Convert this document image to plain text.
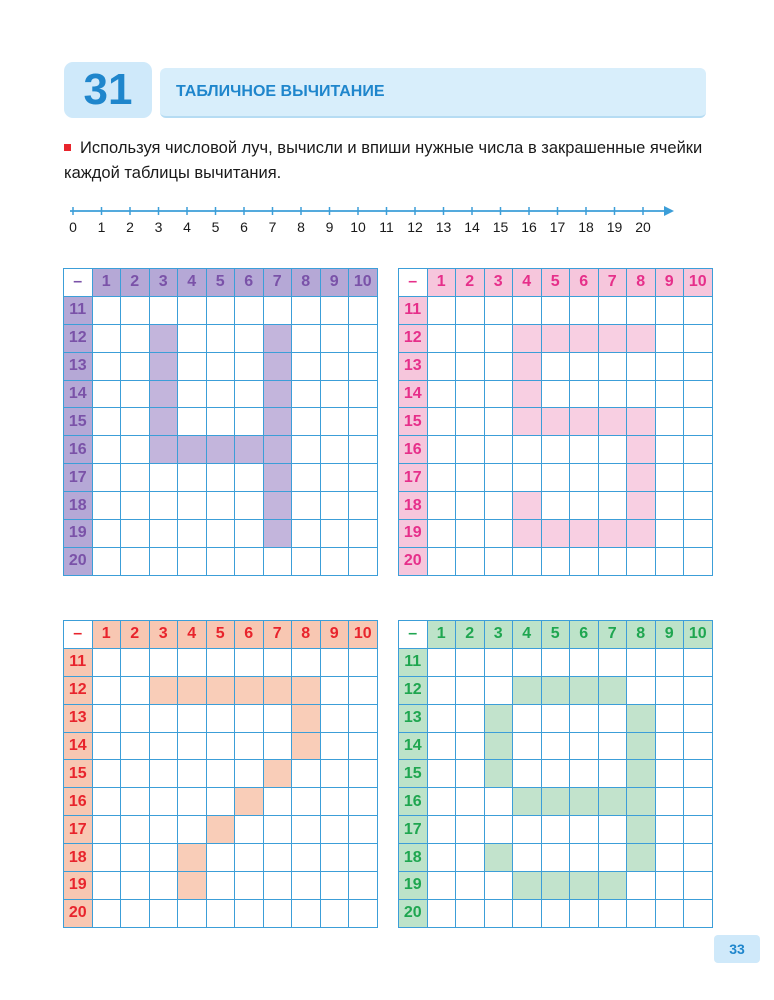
31	ТАБЛИЧНОЕ ВЫЧИТАНИЕ
Используя числовой луч, вычисли и впиши нужные числа в закрашенные ячейки каждой таблицы вычитания.
0 1 2 3 4 5 6 7 8 9 10 11 12 13 14 15 16 17 18 19 20
–	1	2	3	4	5	6	7	8	9	10
11										
12										
13										
14										
15										
16										
17										
18										
19										
20										
–	1	2	3	4	5	6	7	8	9	10
11										
12										
13										
14										
15										
16										
17										
18										
19										
20										
–	1	2	3	4	5	6	7	8	9	10
11										
12										
13										
14										
15										
16										
17										
18										
19										
20										
–	1	2	3	4	5	6	7	8	9	10
11										
12										
13										
14										
15										
16										
17										
18										
19										
20										
33
